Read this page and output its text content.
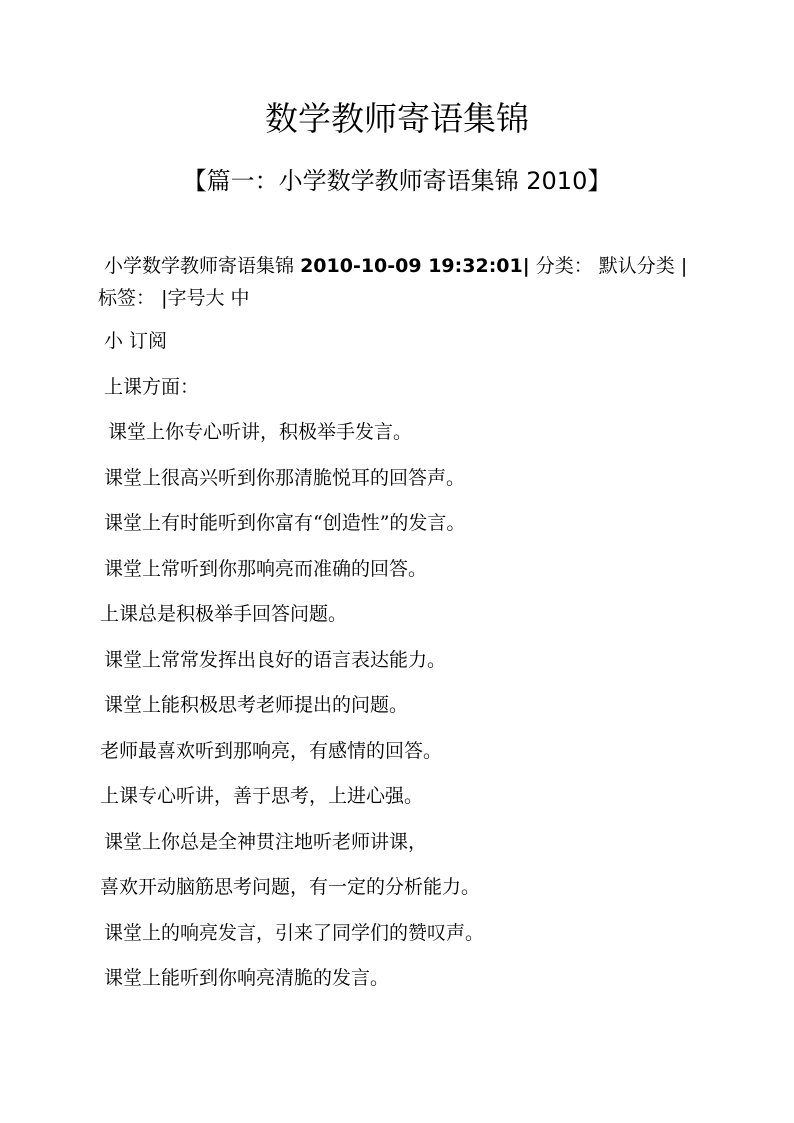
数学教师寄语集锦
【篇一：小学数学教师寄语集锦 2010】
小学数学教师寄语集锦 2010-10-09 19:32:01| 分类： 默认分类 |
标签： |字号大 中
小 订阅
上课方面：
课堂上你专心听讲，积极举手发言。
课堂上很高兴听到你那清脆悦耳的回答声。
课堂上有时能听到你富有“创造性”的发言。
课堂上常听到你那响亮而准确的回答。
上课总是积极举手回答问题。
课堂上常常发挥出良好的语言表达能力。
课堂上能积极思考老师提出的问题。
老师最喜欢听到那响亮，有感情的回答。
上课专心听讲，善于思考，上进心强。
课堂上你总是全神贯注地听老师讲课，
喜欢开动脑筋思考问题，有一定的分析能力。
课堂上的响亮发言，引来了同学们的赞叹声。
课堂上能听到你响亮清脆的发言。
